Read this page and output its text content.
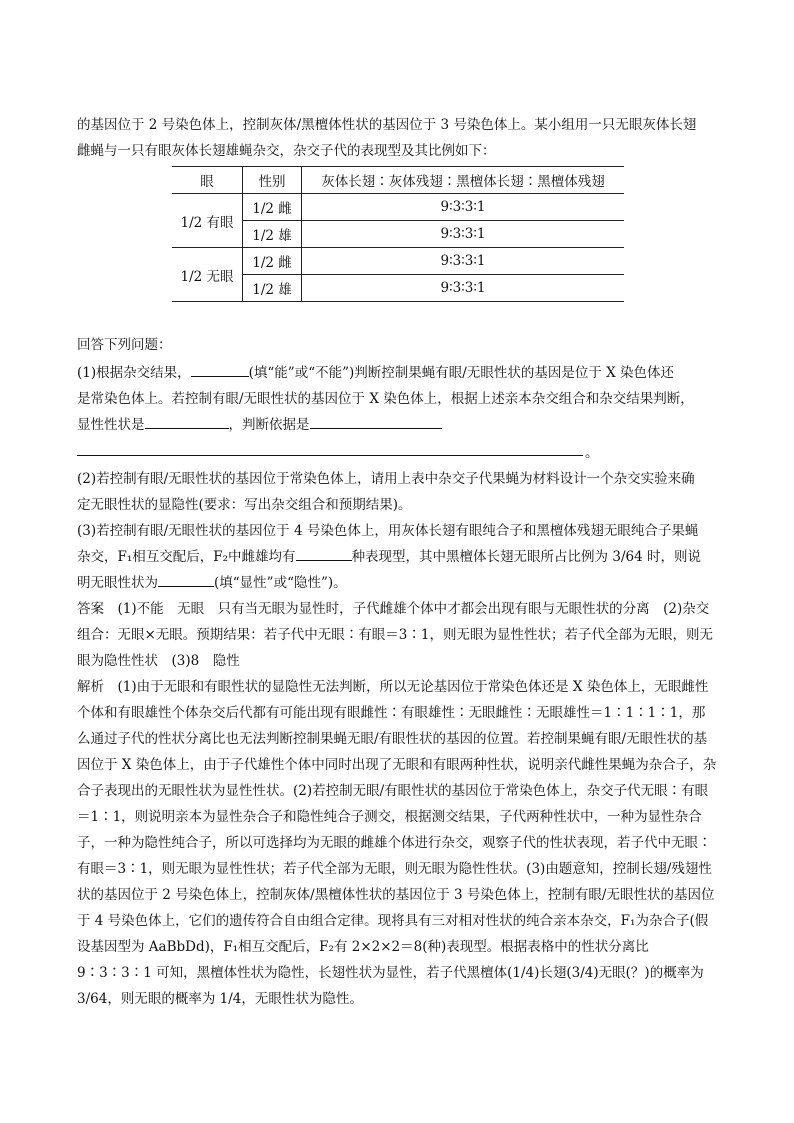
的基因位于 2 号染色体上，控制灰体/黑檀体性状的基因位于 3 号染色体上。某小组用一只无眼灰体长翅
雌蝇与一只有眼灰体长翅雄蝇杂交，杂交子代的表现型及其比例如下：

眼	性别	灰体长翅∶灰体残翅∶黑檀体长翅∶黑檀体残翅
1/2 有眼	1/2 雌	9∶3∶3∶1
	1/2 雄	9∶3∶3∶1
1/2 无眼	1/2 雌	9∶3∶3∶1
	1/2 雄	9∶3∶3∶1

回答下列问题：

(1)根据杂交结果，	(填“能”或“不能”)判断控制果蝇有眼/无眼性状的基因是位于 X 染色体还
是常染色体上。若控制有眼/无眼性状的基因位于 X 染色体上，根据上述亲本杂交组合和杂交结果判断，
显性性状是	，判断依据是

。

(2)若控制有眼/无眼性状的基因位于常染色体上，请用上表中杂交子代果蝇为材料设计一个杂交实验来确
定无眼性状的显隐性(要求：写出杂交组合和预期结果)。

(3)若控制有眼/无眼性状的基因位于 4 号染色体上，用灰体长翅有眼纯合子和黑檀体残翅无眼纯合子果蝇
杂交，F₁相互交配后，F₂中雌雄均有	种表现型，其中黑檀体长翅无眼所占比例为 3/64 时，则说
明无眼性状为	(填“显性”或“隐性”)。

答案　 (1)不能　无眼　只有当无眼为显性时，子代雌雄个体中才都会出现有眼与无眼性状的分离　(2)杂交组合：无眼×无眼。预期结果：若子代中无眼∶有眼＝3∶1，则无眼为显性性状；若子代全部为无眼，则无眼为隐性性状　(3)8　隐性

解析　 (1)由于无眼和有眼性状的显隐性无法判断，所以无论基因位于常染色体还是 X 染色体上，无眼雌性个体和有眼雄性个体杂交后代都有可能出现有眼雌性∶有眼雄性∶无眼雌性∶无眼雄性＝1∶1∶1∶1，那么通过子代的性状分离比也无法判断控制果蝇无眼/有眼性状的基因的位置。若控制果蝇有眼/无眼性状的基因位于 X 染色体上，由于子代雄性个体中同时出现了无眼和有眼两种性状，说明亲代雌性果蝇为杂合子，杂合子表现出的无眼性状为显性性状。(2)若控制无眼/有眼性状的基因位于常染色体上，杂交子代无眼∶有眼＝1∶1，则说明亲本为显性杂合子和隐性纯合子测交，根据测交结果，子代两种性状中，一种为显性杂合子，一种为隐性纯合子，所以可选择均为无眼的雌雄个体进行杂交，观察子代的性状表现，若子代中无眼∶有眼＝3∶1，则无眼为显性性状；若子代全部为无眼，则无眼为隐性性状。(3)由题意知，控制长翅/残翅性状的基因位于 2 号染色体上，控制灰体/黑檀体性状的基因位于 3 号染色体上，控制有眼/无眼性状的基因位于 4 号染色体上，它们的遗传符合自由组合定律。现将具有三对相对性状的纯合亲本杂交，F₁为杂合子(假设基因型为 AaBbDd)，F₁相互交配后，F₂有 2×2×2＝8(种)表现型。根据表格中的性状分离比 9∶3∶3∶1 可知，黑檀体性状为隐性，长翅性状为显性，若子代黑檀体(1/4)长翅(3/4)无眼(？)的概率为 3/64，则无眼的概率为 1/4，无眼性状为隐性。
